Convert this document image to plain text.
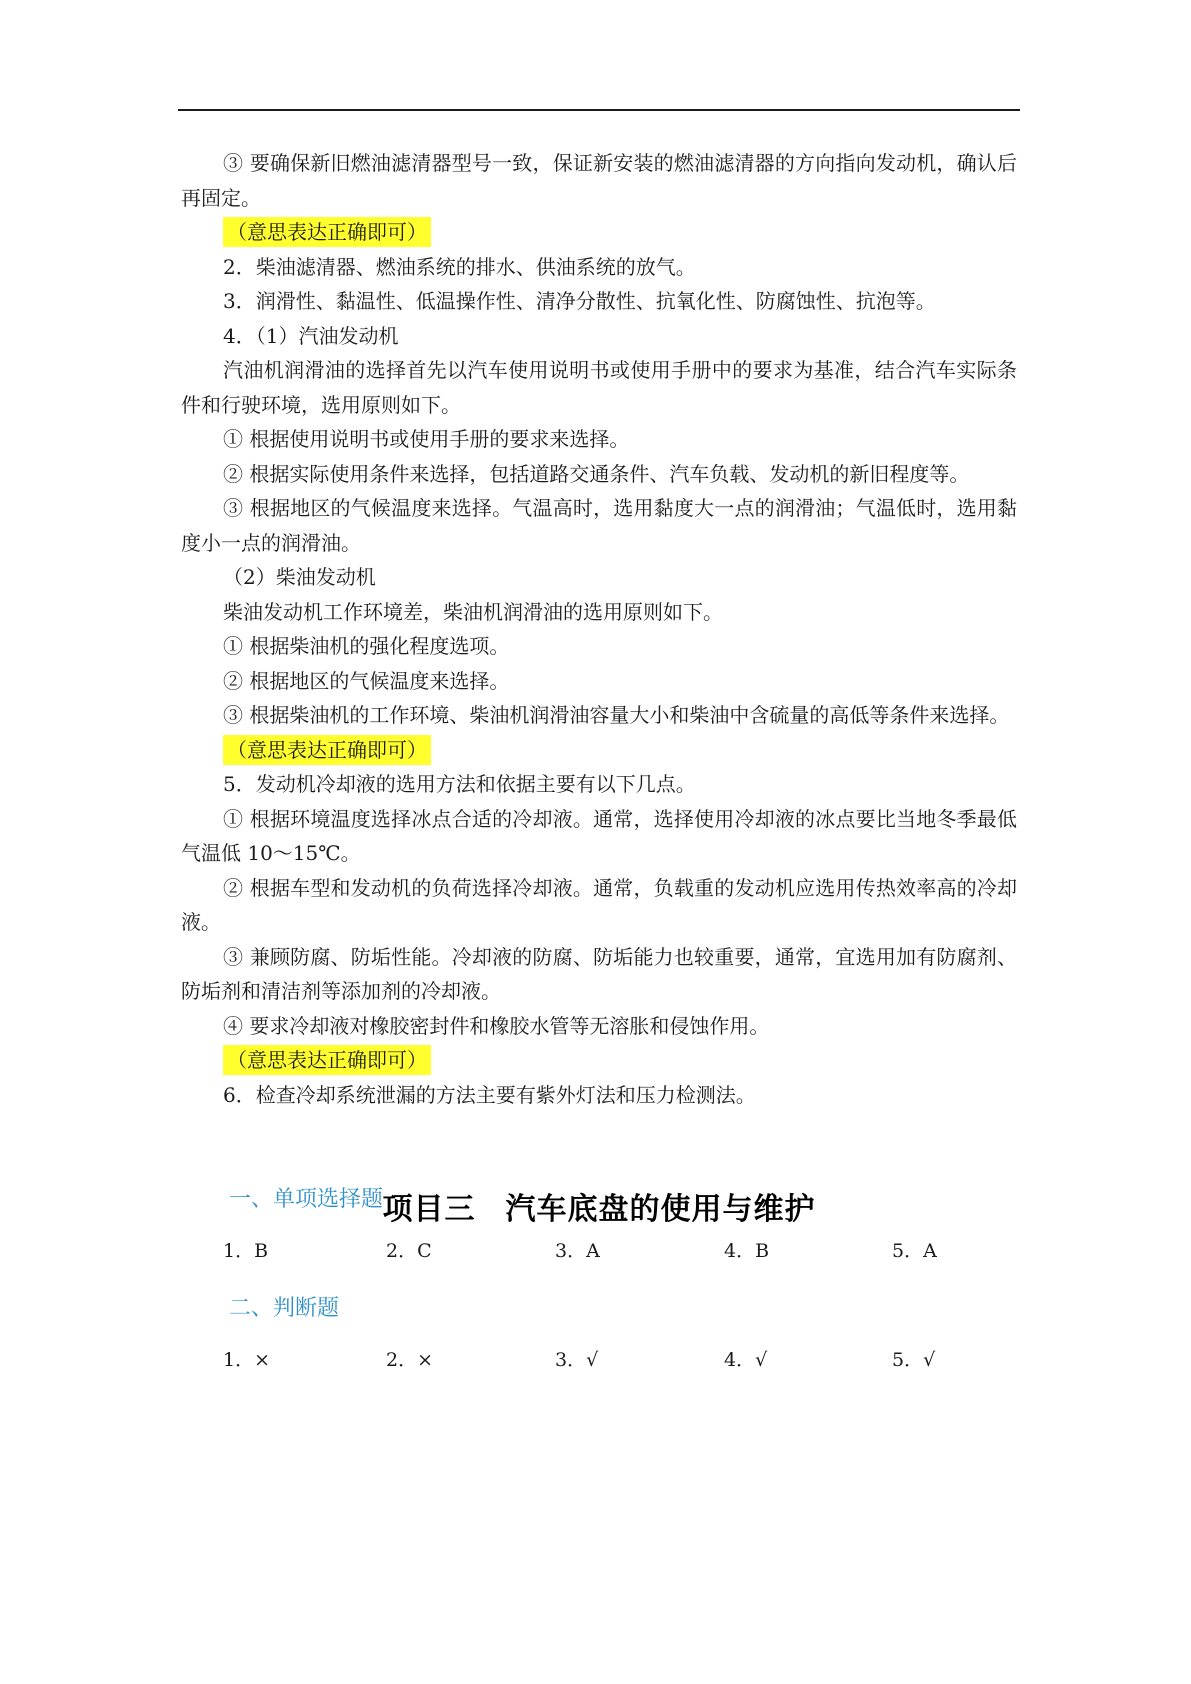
③ 要确保新旧燃油滤清器型号一致，保证新安装的燃油滤清器的方向指向发动机，确认后再固定。
（意思表达正确即可）
2．柴油滤清器、燃油系统的排水、供油系统的放气。
3．润滑性、黏温性、低温操作性、清净分散性、抗氧化性、防腐蚀性、抗泡等。
4．（1）汽油发动机
汽油机润滑油的选择首先以汽车使用说明书或使用手册中的要求为基准，结合汽车实际条件和行驶环境，选用原则如下。
① 根据使用说明书或使用手册的要求来选择。
② 根据实际使用条件来选择，包括道路交通条件、汽车负载、发动机的新旧程度等。
③ 根据地区的气候温度来选择。气温高时，选用黏度大一点的润滑油；气温低时，选用黏度小一点的润滑油。
（2）柴油发动机
柴油发动机工作环境差，柴油机润滑油的选用原则如下。
① 根据柴油机的强化程度选项。
② 根据地区的气候温度来选择。
③ 根据柴油机的工作环境、柴油机润滑油容量大小和柴油中含硫量的高低等条件来选择。
（意思表达正确即可）
5．发动机冷却液的选用方法和依据主要有以下几点。
① 根据环境温度选择冰点合适的冷却液。通常，选择使用冷却液的冰点要比当地冬季最低气温低 10～15℃。
② 根据车型和发动机的负荷选择冷却液。通常，负载重的发动机应选用传热效率高的冷却液。
③ 兼顾防腐、防垢性能。冷却液的防腐、防垢能力也较重要，通常，宜选用加有防腐剂、防垢剂和清洁剂等添加剂的冷却液。
④ 要求冷却液对橡胶密封件和橡胶水管等无溶胀和侵蚀作用。
（意思表达正确即可）
6．检查冷却系统泄漏的方法主要有紫外灯法和压力检测法。
项目三 汽车底盘的使用与维护
一、单项选择题
1．B	2．C	3．A	4．B	5．A
二、判断题
1．×	2．×	3．√	4．√	5．√
